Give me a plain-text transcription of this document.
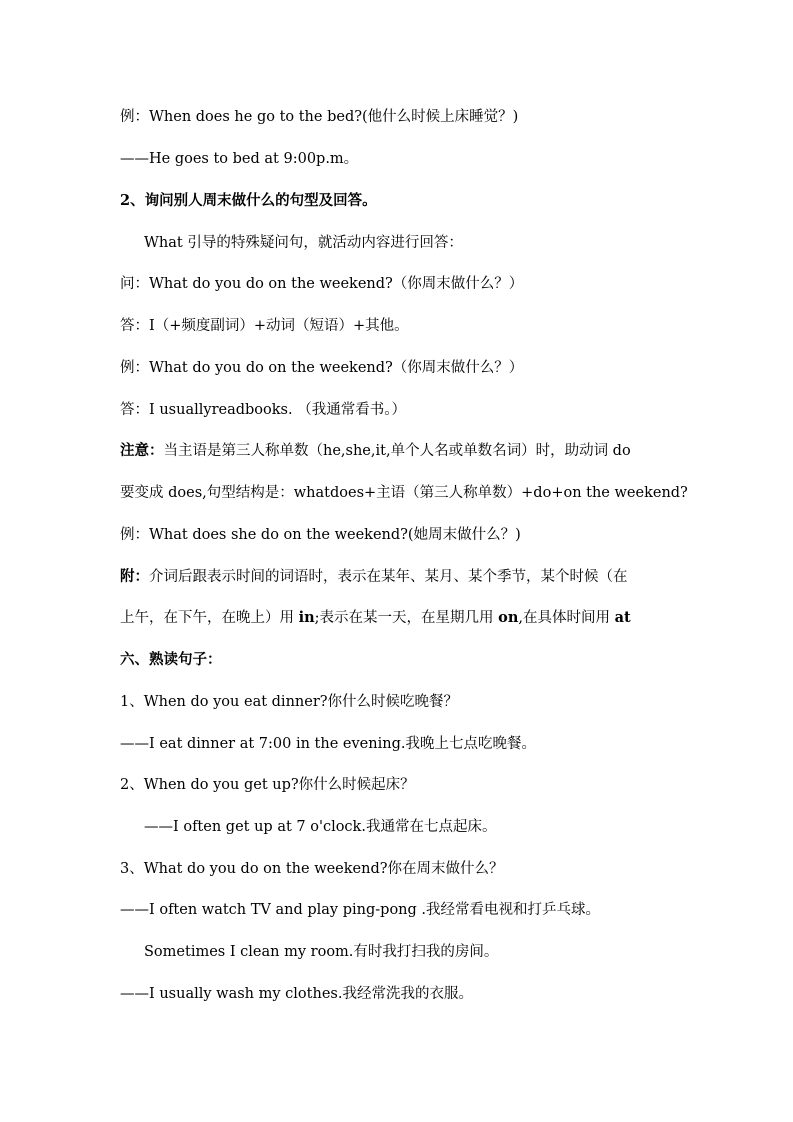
例：When does he go to the bed?(他什么时候上床睡觉？)
——He goes to bed at 9:00p.m。
2、询问别人周末做什么的句型及回答。
What 引导的特殊疑问句，就活动内容进行回答：
问：What do you do on the weekend?（你周末做什么？）
答：I（+频度副词）+动词（短语）+其他。
例：What do you do on the weekend?（你周末做什么？）
答：I usuallyreadbooks. （我通常看书。）
注意：当主语是第三人称单数（he,she,it,单个人名或单数名词）时，助动词 do
要变成 does,句型结构是：whatdoes+主语（第三人称单数）+do+on the weekend?
例：What does she do on the weekend?(她周末做什么？)
附：介词后跟表示时间的词语时，表示在某年、某月、某个季节，某个时候（在
上午，在下午，在晚上）用 in;表示在某一天，在星期几用 on,在具体时间用 at
六、熟读句子：
1、When do you eat dinner?你什么时候吃晚餐？
——I eat dinner at 7:00 in the evening.我晚上七点吃晚餐。
2、When do you get up?你什么时候起床？
——I often get up at 7 o'clock.我通常在七点起床。
3、What do you do on the weekend?你在周末做什么？
——I often watch TV and play ping-pong .我经常看电视和打乒乓球。
Sometimes I clean my room.有时我打扫我的房间。
——I usually wash my clothes.我经常洗我的衣服。
